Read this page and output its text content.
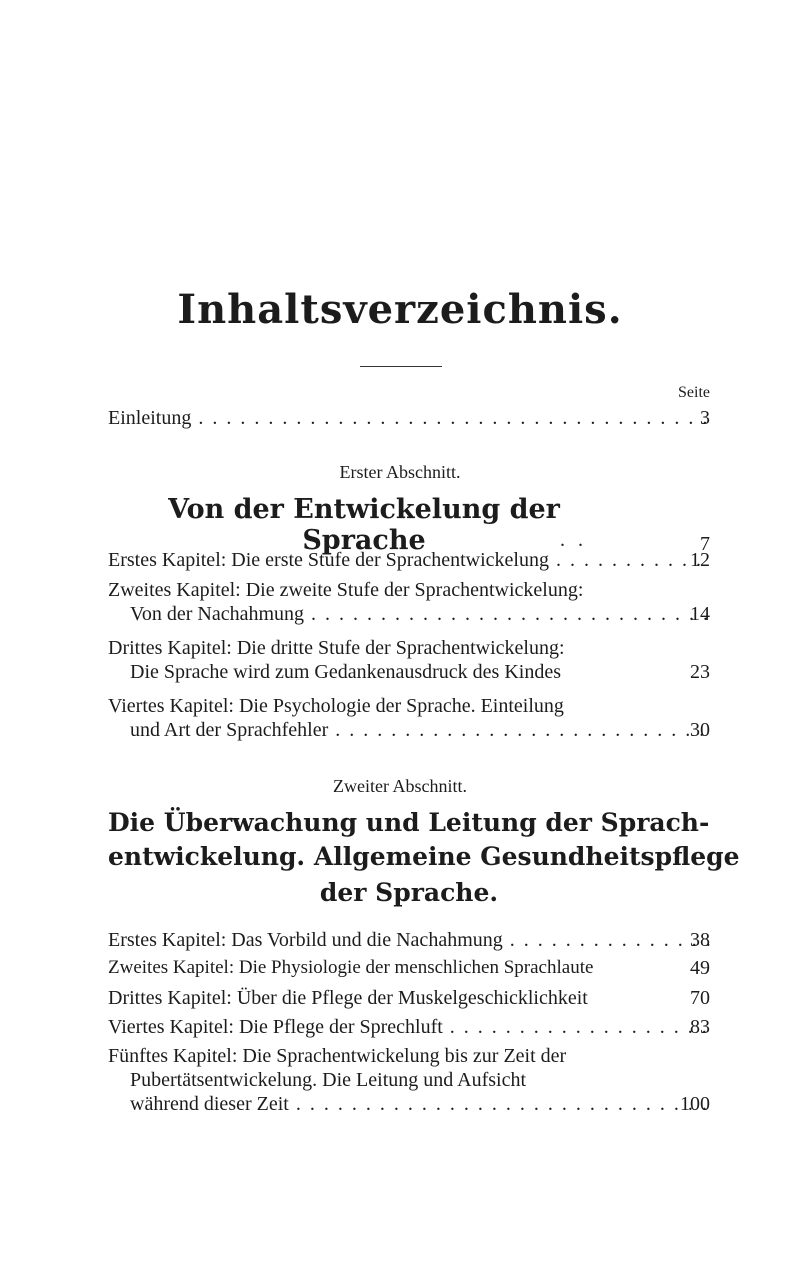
Inhaltsverzeichnis.
Seite
Einleitung . . .	3
Erster Abschnitt.
Von der Entwickelung der Sprache	. .	7
Erstes Kapitel: Die erste Stufe der Sprachentwickelung . . .	12
Zweites Kapitel: Die zweite Stufe der Sprachentwickelung:
Von der Nachahmung . . .	14
Drittes Kapitel: Die dritte Stufe der Sprachentwickelung:
Die Sprache wird zum Gedankenausdruck des Kindes	23
Viertes Kapitel: Die Psychologie der Sprache. Einteilung
und Art der Sprachfehler . . .	30
Zweiter Abschnitt.
Die Überwachung und Leitung der Sprach-
entwickelung. Allgemeine Gesundheitspflege
der Sprache.
Erstes Kapitel: Das Vorbild und die Nachahmung . . .	38
Zweites Kapitel: Die Physiologie der menschlichen Sprachlaute	49
Drittes Kapitel: Über die Pflege der Muskelgeschicklichkeit	70
Viertes Kapitel: Die Pflege der Sprechluft . . .	83
Fünftes Kapitel: Die Sprachentwickelung bis zur Zeit der
Pubertätsentwickelung. Die Leitung und Aufsicht
während dieser Zeit . . .	100
